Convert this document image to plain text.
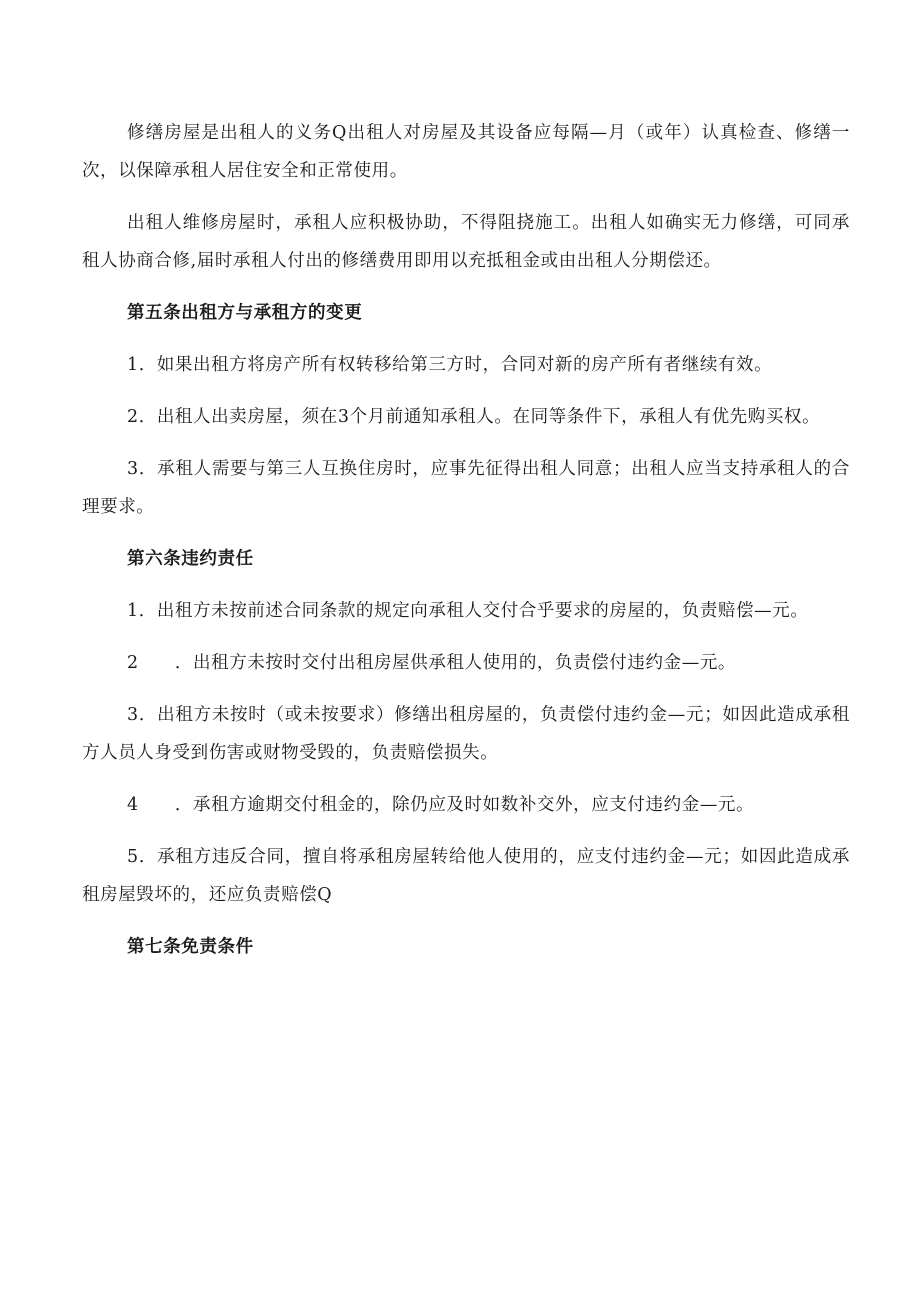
修缮房屋是出租人的义务Q出租人对房屋及其设备应每隔—月（或年）认真检查、修缮一次，以保障承租人居住安全和正常使用。

出租人维修房屋时，承租人应积极协助，不得阻挠施工。出租人如确实无力修缮，可同承租人协商合修,届时承租人付出的修缮费用即用以充抵租金或由出租人分期偿还。

第五条出租方与承租方的变更

1．如果出租方将房产所有权转移给第三方时，合同对新的房产所有者继续有效。

2．出租人出卖房屋，须在3个月前通知承租人。在同等条件下，承租人有优先购买权。

3．承租人需要与第三人互换住房时，应事先征得出租人同意；出租人应当支持承租人的合理要求。

第六条违约责任

1．出租方未按前述合同条款的规定向承租人交付合乎要求的房屋的，负责赔偿—元。

2　　．出租方未按时交付出租房屋供承租人使用的，负责偿付违约金—元。

3．出租方未按时（或未按要求）修缮出租房屋的，负责偿付违约金—元；如因此造成承租方人员人身受到伤害或财物受毁的，负责赔偿损失。

4　　．承租方逾期交付租金的，除仍应及时如数补交外，应支付违约金—元。

5．承租方违反合同，擅自将承租房屋转给他人使用的，应支付违约金—元；如因此造成承租房屋毁坏的，还应负责赔偿Q

第七条免责条件
